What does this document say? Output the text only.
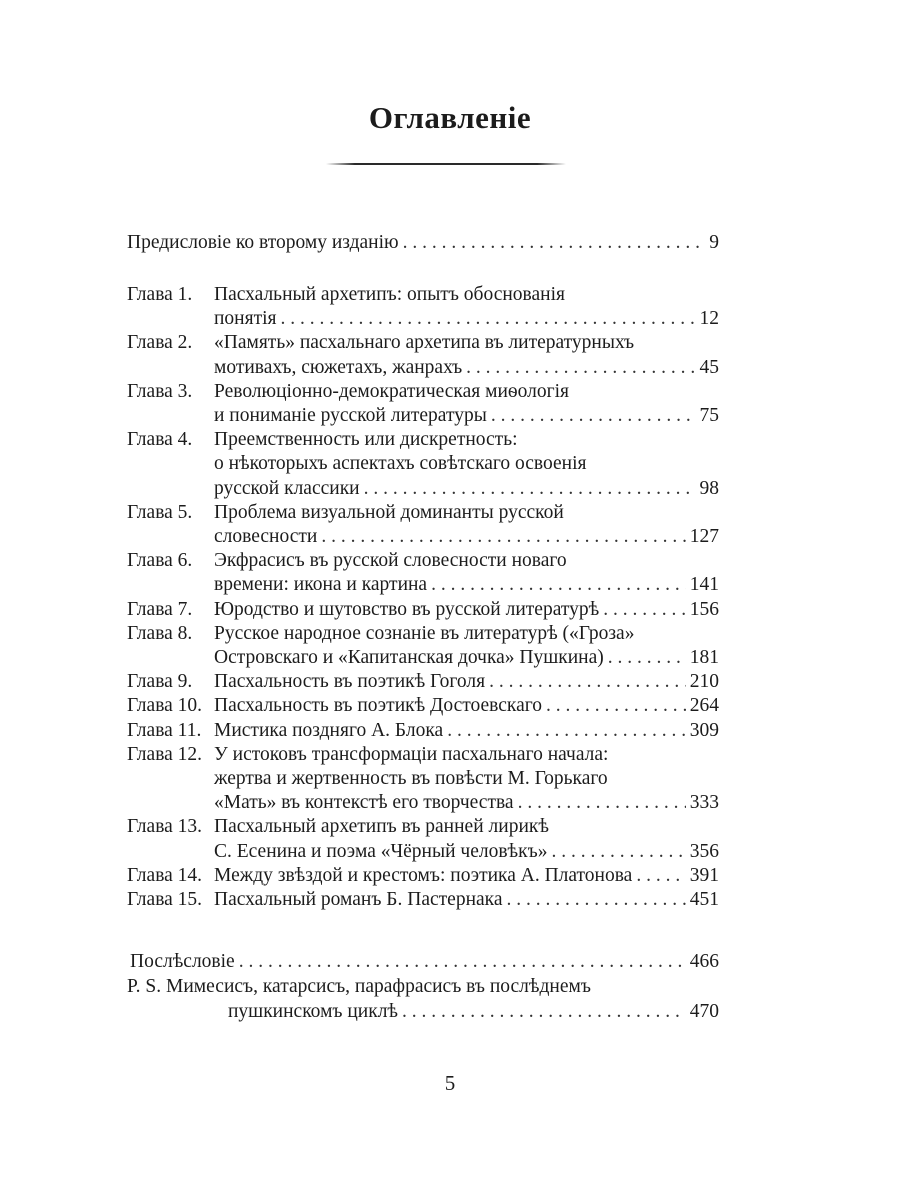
Оглавленіе
Предисловіе ко второму изданію . . .	9
Глава 1.	Пасхальный архетипъ: опытъ обоснованія
понятія . . .	12
Глава 2.	«Память» пасхальнаго архетипа въ литературныхъ
мотивахъ, сюжетахъ, жанрахъ . . .	45
Глава 3.	Революціонно-демократическая миѳологія
и пониманіе русской литературы . . .	75
Глава 4.	Преемственность или дискретность:
о нѣкоторыхъ аспектахъ совѣтскаго освоенія
русской классики . . .	98
Глава 5.	Проблема визуальной доминанты русской
словесности . . .	127
Глава 6.	Экфрасисъ въ русской словесности новаго
времени: икона и картина . . .	141
Глава 7.	Юродство и шутовство въ русской литературѣ . . .	156
Глава 8.	Русское народное сознаніе въ литературѣ («Гроза»
Островскаго и «Капитанская дочка» Пушкина) . . .	181
Глава 9.	Пасхальность въ поэтикѣ Гоголя . . .	210
Глава 10. Пасхальность въ поэтикѣ Достоевскаго . . .	264
Глава 11. Мистика поздняго А. Блока . . .	309
Глава 12. У истоковъ трансформаціи пасхальнаго начала:
жертва и жертвенность въ повѣсти М. Горькаго
«Мать» въ контекстѣ его творчества . . .	333
Глава 13. Пасхальный архетипъ въ ранней лирикѣ
С. Есенина и поэма «Чёрный человѣкъ» . . .	356
Глава 14. Между звѣздой и крестомъ: поэтика А. Платонова . . .	391
Глава 15. Пасхальный романъ Б. Пастернака . . .	451
Послѣсловіе . . .	466
P. S. Мимесисъ, катарсисъ, парафрасисъ въ послѣднемъ
пушкинскомъ циклѣ . . .	470
5
